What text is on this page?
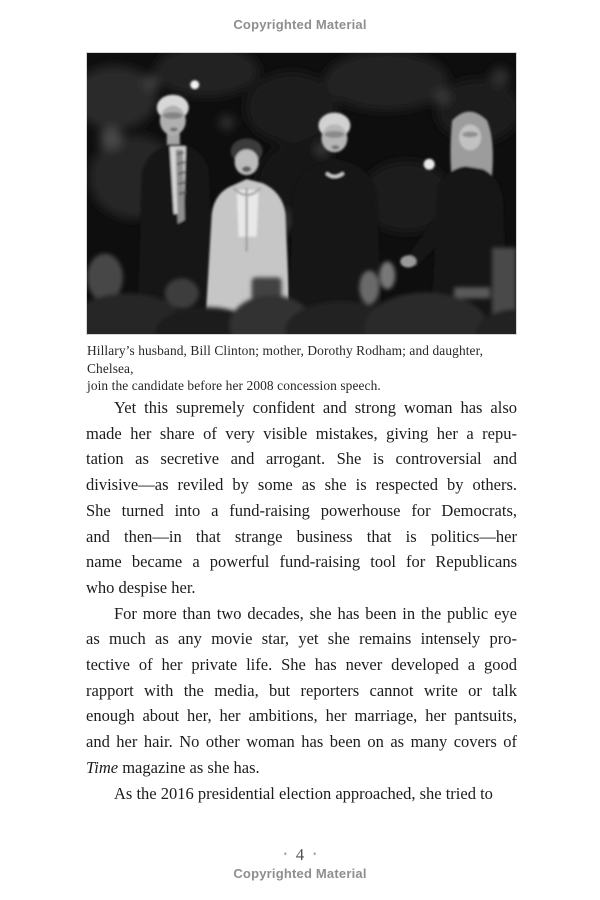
Copyrighted Material
Hillary’s husband, Bill Clinton; mother, Dorothy Rodham; and daughter, Chelsea,
join the candidate before her 2008 concession speech.
Yet this supremely confident and strong woman has also
made her share of very visible mistakes, giving her a repu-
tation as secretive and arrogant. She is controversial and
divisive—as reviled by some as she is respected by others.
She turned into a fund-raising powerhouse for Democrats,
and then—in that strange business that is politics—her
name became a powerful fund-raising tool for Republicans
who despise her.
For more than two decades, she has been in the public eye
as much as any movie star, yet she remains intensely pro-
tective of her private life. She has never developed a good
rapport with the media, but reporters cannot write or talk
enough about her, her ambitions, her marriage, her pantsuits,
and her hair. No other woman has been on as many covers of
Time magazine as she has.
As the 2016 presidential election approached, she tried to
• 4 •
Copyrighted Material
